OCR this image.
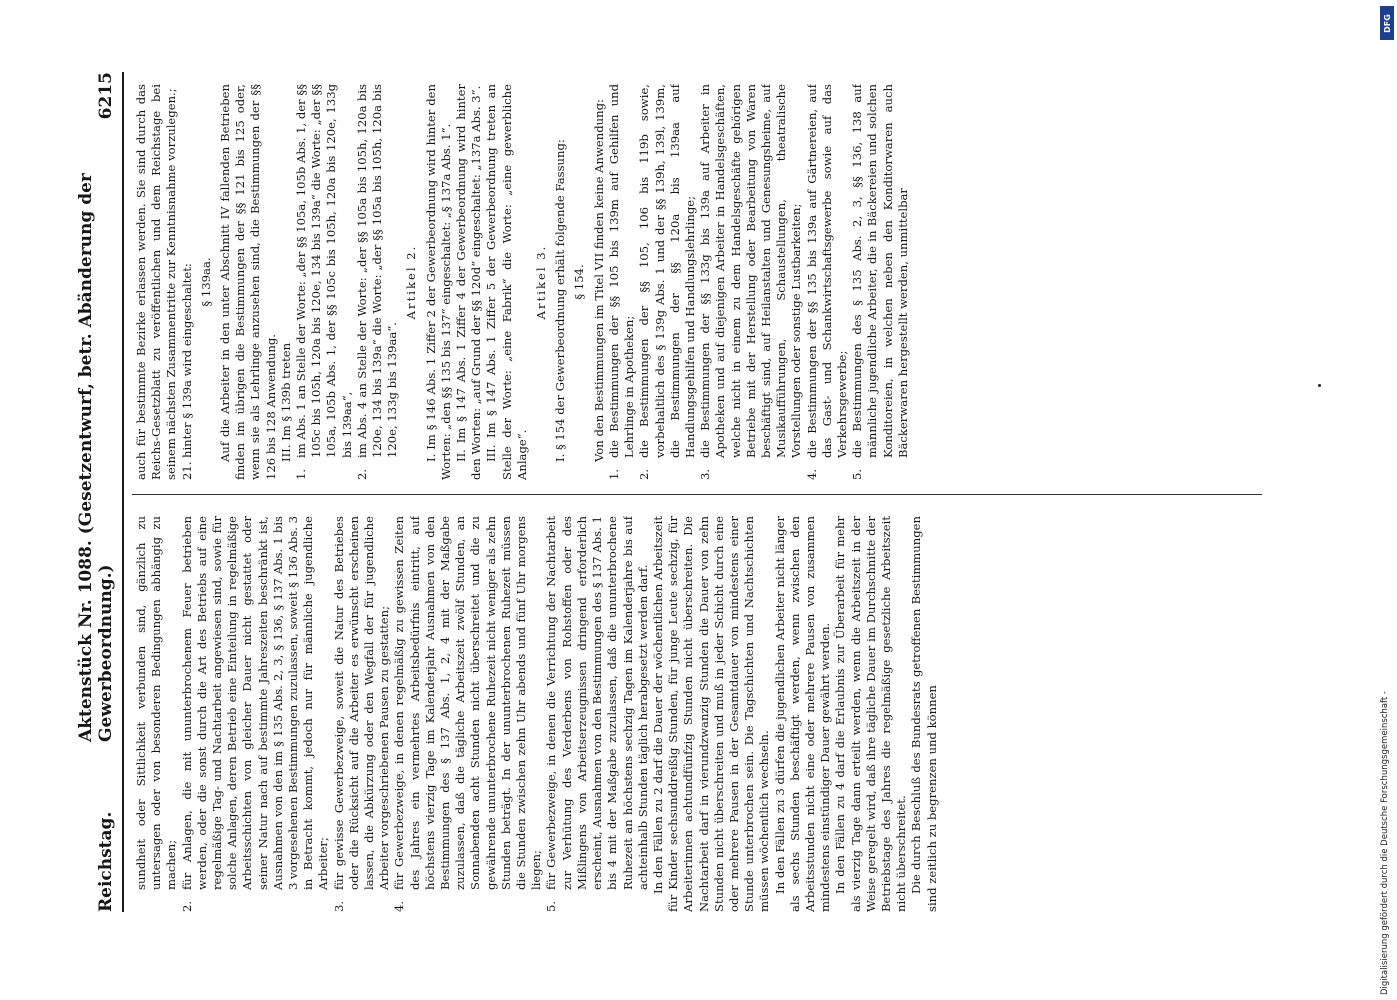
Reichstag.
Aktenstück Nr. 1088. (Gesetzentwurf, betr. Abänderung der Gewerbeordnung.)
6215

sundheit oder Sittlichkeit verbunden sind, gänzlich zu untersagen oder von besonderen Bedingungen abhängig zu machen;

2.
für Anlagen, die mit ununterbrochenem Feuer betrieben werden, oder die sonst durch die Art des Betriebs auf eine regelmäßige Tag- und Nachtarbeit angewiesen sind, sowie für solche Anlagen, deren Betrieb eine Einteilung in regelmäßige Arbeitsschichten von gleicher Dauer nicht gestattet oder seiner Natur nach auf bestimmte Jahreszeiten beschränkt ist, Ausnahmen von den im § 135 Abs. 2, 3, § 136, § 137 Abs. 1 bis 3 vorgesehenen Bestimmungen zuzulassen, soweit § 136 Abs. 3 in Betracht kommt, jedoch nur für männliche jugendliche Arbeiter;
3.
für gewisse Gewerbezweige, soweit die Natur des Betriebes oder die Rücksicht auf die Arbeiter es erwünscht erscheinen lassen, die Abkürzung oder den Wegfall der für jugendliche Arbeiter vorgeschriebenen Pausen zu gestatten;
4.
für Gewerbezweige, in denen regelmäßig zu gewissen Zeiten des Jahres ein vermehrtes Arbeitsbedürfnis eintritt, auf höchstens vierzig Tage im Kalenderjahr Ausnahmen von den Bestimmungen des § 137 Abs. 1, 2, 4 mit der Maßgabe zuzulassen, daß die tägliche Arbeitszeit zwölf Stunden, an Sonnabenden acht Stunden nicht überschreitet und die zu gewährende ununterbrochene Ruhezeit nicht weniger als zehn Stunden beträgt. In der ununterbrochenen Ruhezeit müssen die Stunden zwischen zehn Uhr abends und fünf Uhr morgens liegen;
5.
für Gewerbezweige, in denen die Verrichtung der Nachtarbeit zur Verhütung des Verderbens von Rohstoffen oder des Mißlingens von Arbeitserzeugnissen dringend erforderlich erscheint, Ausnahmen von den Bestimmungen des § 137 Abs. 1 bis 4 mit der Maßgabe zuzulassen, daß die ununterbrochene Ruhezeit an höchstens sechzig Tagen im Kalenderjahre bis auf achteinhalb Stunden täglich herabgesetzt werden darf. In den Fällen zu 2 darf die Dauer der wöchentlichen Arbeitszeit für Kinder sechsunddreißig Stunden, für junge Leute sechzig, für Arbeiterinnen achtundfünfzig Stunden nicht überschreiten. Die Nachtarbeit darf in vierundzwanzig Stunden die Dauer von zehn Stunden nicht überschreiten und muß in jeder Schicht durch eine oder mehrere Pausen in der Gesamtdauer von mindestens einer Stunde unterbrochen sein. Die Tagschichten und Nachtschichten müssen wöchentlich wechseln. In den Fällen zu 3 dürfen die jugendlichen Arbeiter nicht länger als sechs Stunden beschäftigt werden, wenn zwischen den Arbeitsstunden nicht eine oder mehrere Pausen von zusammen mindestens einstündiger Dauer gewährt werden. In den Fällen zu 4 darf die Erlaubnis zur Überarbeit für mehr als vierzig Tage dann erteilt werden, wenn die Arbeitszeit in der Weise geregelt wird, daß ihre tägliche Dauer im Durchschnitte der Betriebstage des Jahres die regelmäßige gesetzliche Arbeitszeit nicht überschreitet. Die durch Beschluß des Bundesrats getroffenen Bestimmungen sind zeitlich zu begrenzen und können

auch für bestimmte Bezirke erlassen werden. Sie sind durch das Reichs-Gesetzblatt zu veröffentlichen und dem Reichstage bei seinem nächsten Zusammentritte zur Kenntnisnahme vorzulegen.; 21.
hinter § 139a wird eingeschaltet: § 139aa. Auf die Arbeiter in den unter Abschnitt IV fallenden Betrieben finden im übrigen die Bestimmungen der §§ 121 bis 125 oder, wenn sie als Lehrlinge anzusehen sind, die Bestimmungen der §§ 126 bis 128 Anwendung. III. Im § 139b treten

1.
im Abs. 1 an Stelle der Worte: „der §§ 105a, 105b Abs. 1, der §§ 105c bis 105h, 120a bis 120e, 134 bis 139a“ die Worte: „der §§ 105a, 105b Abs. 1, der §§ 105c bis 105h, 120a bis 120e, 133g bis 139aa“,
2.
im Abs. 4 an Stelle der Worte: „der §§ 105a bis 105h, 120a bis 120e, 134 bis 139a“ die Worte: „der §§ 105a bis 105h, 120a bis 120e, 133g bis 139aa“.
Artikel 2. I. Im § 146 Abs. 1 Ziffer 2 der Gewerbeordnung wird hinter den Worten: „den §§ 135 bis 137“ eingeschaltet: „§ 137a Abs. 1“. II. Im § 147 Abs. 1 Ziffer 4 der Gewerbeordnung wird hinter den Worten: „auf Grund der §§ 120d“ eingeschaltet: „137a Abs. 3“. III. Im § 147 Abs. 1 Ziffer 5 der Gewerbeordnung treten an Stelle der Worte: „eine Fabrik“ die Worte: „eine gewerbliche Anlage“.

Artikel 3. I. § 154 der Gewerbeordnung erhält folgende Fassung: § 154. Von den Bestimmungen im Titel VII finden keine Anwendung:

1.
die Bestimmungen der §§ 105 bis 139m auf Gehilfen und Lehrlinge in Apotheken;
2.
die Bestimmungen der §§ 105, 106 bis 119b sowie, vorbehaltlich des § 139g Abs. 1 und der §§ 139h, 139l, 139m, die Bestimmungen der §§ 120a bis 139aa auf Handlungsgehilfen und Handlungslehrlinge;
3.
die Bestimmungen der §§ 133g bis 139a auf Arbeiter in Apotheken und auf diejenigen Arbeiter in Handelsgeschäften, welche nicht in einem zu dem Handelsgeschäfte gehörigen Betriebe mit der Herstellung oder Bearbeitung von Waren beschäftigt sind, auf Heilanstalten und Genesungsheime, auf Musikaufführungen, Schaustellungen, theatralische Vorstellungen oder sonstige Lustbarkeiten;
4.
die Bestimmungen der §§ 135 bis 139a auf Gärtnereien, auf das Gast- und Schankwirtschaftsgewerbe sowie auf das Verkehrsgewerbe;
5.
die Bestimmungen des § 135 Abs. 2, 3, §§ 136, 138 auf männliche jugendliche Arbeiter, die in Bäckereien und solchen Konditoreien, in welchen neben den Konditorwaren auch Bäckerwaren hergestellt werden, unmittelbar
DFG
Digitalisierung gefördert durch die Deutsche Forschungsgemeinschaft -
